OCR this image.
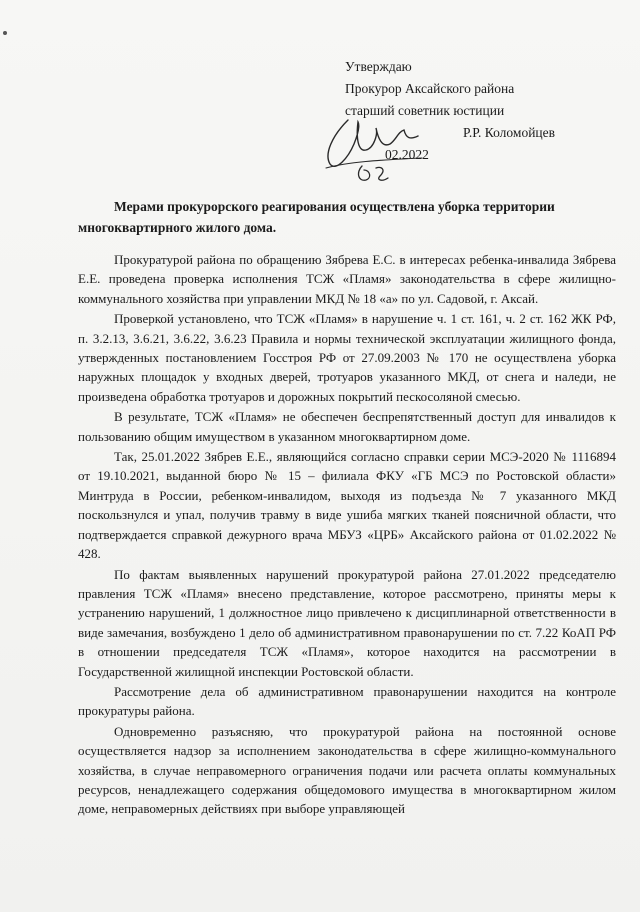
Утверждаю
Прокурор Аксайского района
старший советник юстиции
Р.Р. Коломойцев
02.2022
Мерами прокурорского реагирования осуществлена уборка территории многоквартирного жилого дома.

Прокуратурой района по обращению Зябрева Е.С. в интересах ребенка-инвалида Зябрева Е.Е. проведена проверка исполнения ТСЖ «Пламя» законодательства в сфере жилищно-коммунального хозяйства при управлении МКД № 18 «а» по ул. Садовой, г. Аксай.

Проверкой установлено, что ТСЖ «Пламя» в нарушение ч. 1 ст. 161, ч. 2 ст. 162 ЖК РФ, п. 3.2.13, 3.6.21, 3.6.22, 3.6.23 Правила и нормы технической эксплуатации жилищного фонда, утвержденных постановлением Госстроя РФ от 27.09.2003 № 170 не осуществлена уборка наружных площадок у входных дверей, тротуаров указанного МКД, от снега и наледи, не произведена обработка тротуаров и дорожных покрытий пескосоляной смесью.

В результате, ТСЖ «Пламя» не обеспечен беспрепятственный доступ для инвалидов к пользованию общим имуществом в указанном многоквартирном доме.

Так, 25.01.2022 Зябрев Е.Е., являющийся согласно справки серии МСЭ-2020 № 1116894 от 19.10.2021, выданной бюро № 15 – филиала ФКУ «ГБ МСЭ по Ростовской области» Минтруда в России, ребенком-инвалидом, выходя из подъезда № 7 указанного МКД поскользнулся и упал, получив травму в виде ушиба мягких тканей поясничной области, что подтверждается справкой дежурного врача МБУЗ «ЦРБ» Аксайского района от 01.02.2022 № 428.

По фактам выявленных нарушений прокуратурой района 27.01.2022 председателю правления ТСЖ «Пламя» внесено представление, которое рассмотрено, приняты меры к устранению нарушений, 1 должностное лицо привлечено к дисциплинарной ответственности в виде замечания, возбуждено 1 дело об административном правонарушении по ст. 7.22 КоАП РФ в отношении председателя ТСЖ «Пламя», которое находится на рассмотрении в Государственной жилищной инспекции Ростовской области.

Рассмотрение дела об административном правонарушении находится на контроле прокуратуры района.

Одновременно разъясняю, что прокуратурой района на постоянной основе осуществляется надзор за исполнением законодательства в сфере жилищно-коммунального хозяйства, в случае неправомерного ограничения подачи или расчета оплаты коммунальных ресурсов, ненадлежащего содержания общедомового имущества в многоквартирном жилом доме, неправомерных действиях при выборе управляющей
